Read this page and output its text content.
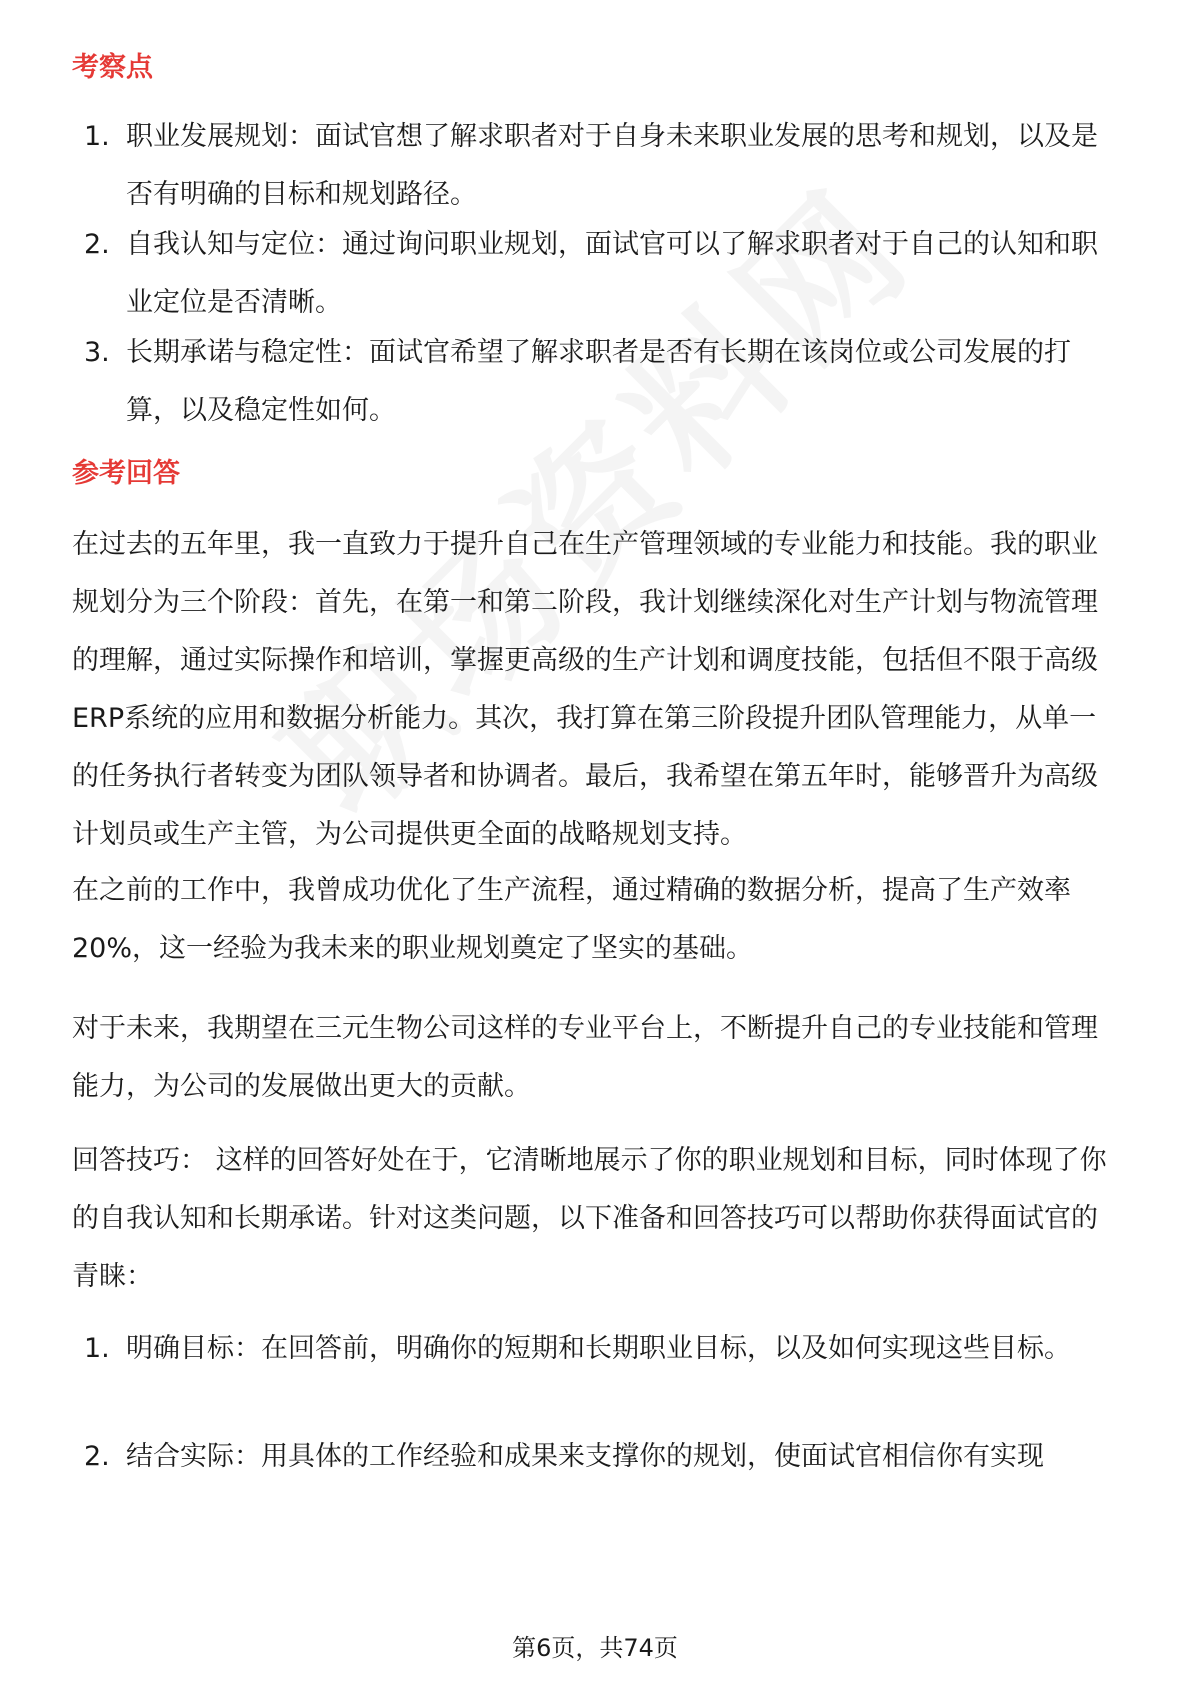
考察点
1. 职业发展规划：面试官想了解求职者对于自身未来职业发展的思考和规划，以及是否有明确的目标和规划路径。
2. 自我认知与定位：通过询问职业规划，面试官可以了解求职者对于自己的认知和职业定位是否清晰。
3. 长期承诺与稳定性：面试官希望了解求职者是否有长期在该岗位或公司发展的打算，以及稳定性如何。
参考回答
在过去的五年里，我一直致力于提升自己在生产管理领域的专业能力和技能。我的职业规划分为三个阶段：首先，在第一和第二阶段，我计划继续深化对生产计划与物流管理的理解，通过实际操作和培训，掌握更高级的生产计划和调度技能，包括但不限于高级ERP系统的应用和数据分析能力。其次，我打算在第三阶段提升团队管理能力，从单一的任务执行者转变为团队领导者和协调者。最后，我希望在第五年时，能够晋升为高级计划员或生产主管，为公司提供更全面的战略规划支持。
在之前的工作中，我曾成功优化了生产流程，通过精确的数据分析，提高了生产效率20%，这一经验为我未来的职业规划奠定了坚实的基础。
对于未来，我期望在三元生物公司这样的专业平台上，不断提升自己的专业技能和管理能力，为公司的发展做出更大的贡献。
回答技巧： 这样的回答好处在于，它清晰地展示了你的职业规划和目标，同时体现了你的自我认知和长期承诺。针对这类问题，以下准备和回答技巧可以帮助你获得面试官的青睐：
1. 明确目标：在回答前，明确你的短期和长期职业目标，以及如何实现这些目标。
2. 结合实际：用具体的工作经验和成果来支撑你的规划，使面试官相信你有实现
第6页，共74页
